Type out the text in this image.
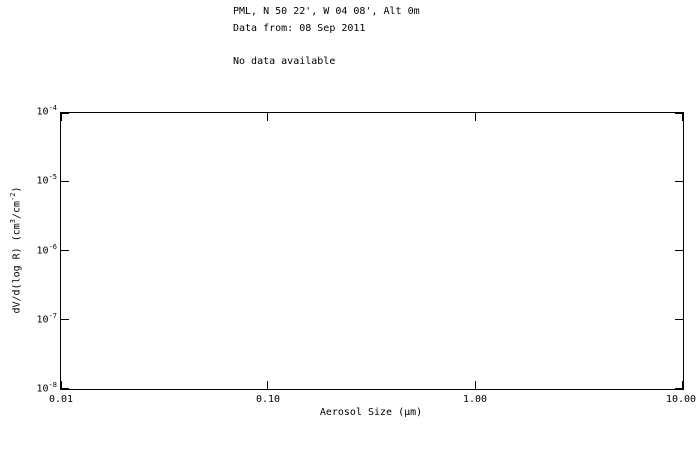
PML, N 50 22', W 04 08', Alt 0m
Data from: 08 Sep 2011
No data available
$10^{-4}$
$10^{-5}$
$10^{-6}$
$10^{-7}$
$10^{-8}$
0.01	0.10	1.00	10.00
Aerosol Size (μm)
dV/d(log R) $(cm^3/cm^{-2})$
